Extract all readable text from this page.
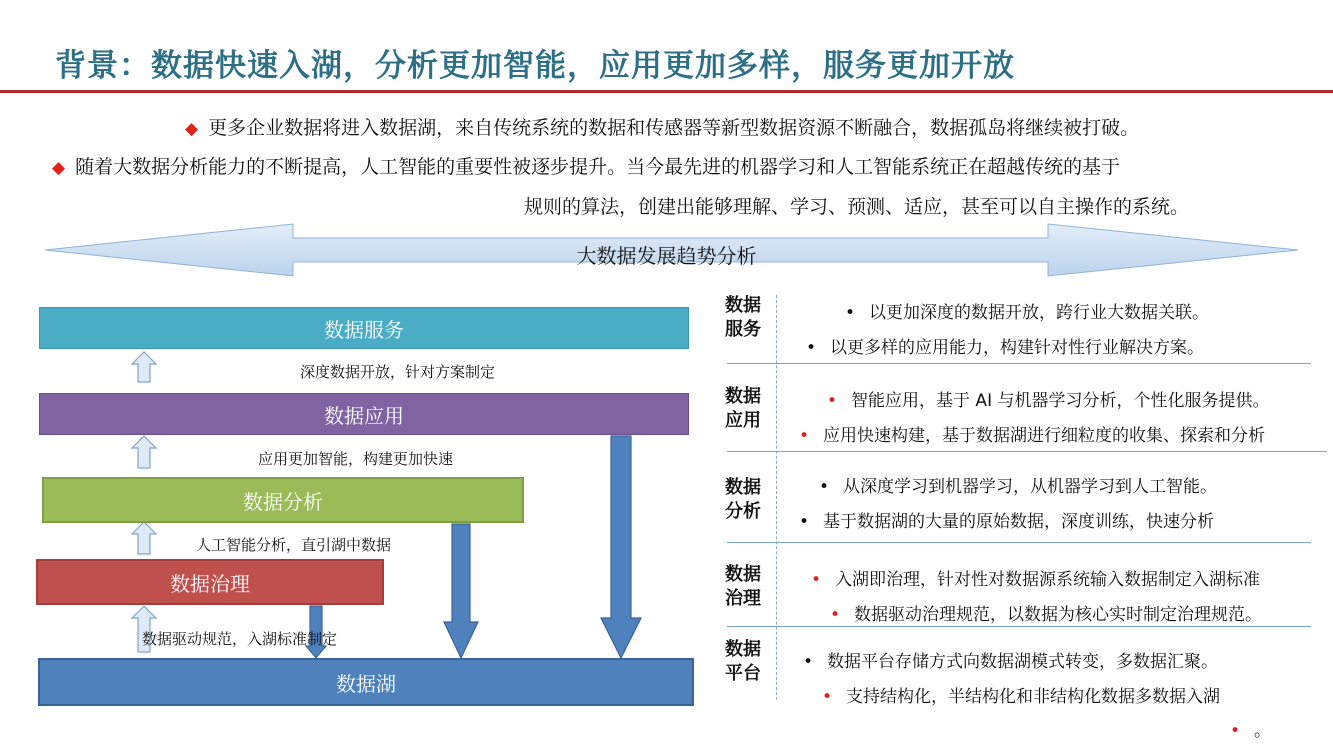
背景：数据快速入湖，分析更加智能，应用更加多样，服务更加开放
◆ 更多企业数据将进入数据湖，来自传统系统的数据和传感器等新型数据资源不断融合，数据孤岛将继续被打破。
◆ 随着大数据分析能力的不断提高，人工智能的重要性被逐步提升。当今最先进的机器学习和人工智能系统正在超越传统的基于
规则的算法，创建出能够理解、学习、预测、适应，甚至可以自主操作的系统。
大数据发展趋势分析
数据服务
深度数据开放，针对方案制定
数据应用
应用更加智能，构建更加快速
数据分析
人工智能分析，直引湖中数据
数据治理
数据驱动规范，入湖标准制定
数据湖
数据
服务
• 以更加深度的数据开放，跨行业大数据关联。
• 以更多样的应用能力，构建针对性行业解决方案。
数据
应用
• 智能应用，基于 AI 与机器学习分析，个性化服务提供。
• 应用快速构建，基于数据湖进行细粒度的收集、探索和分析
数据
分析
• 从深度学习到机器学习，从机器学习到人工智能。
• 基于数据湖的大量的原始数据，深度训练，快速分析
数据
治理
• 入湖即治理，针对性对数据源系统输入数据制定入湖标准
• 数据驱动治理规范，以数据为核心实时制定治理规范。
数据
平台
• 数据平台存储方式向数据湖模式转变，多数据汇聚。
• 支持结构化，半结构化和非结构化数据多数据入湖
• 。
